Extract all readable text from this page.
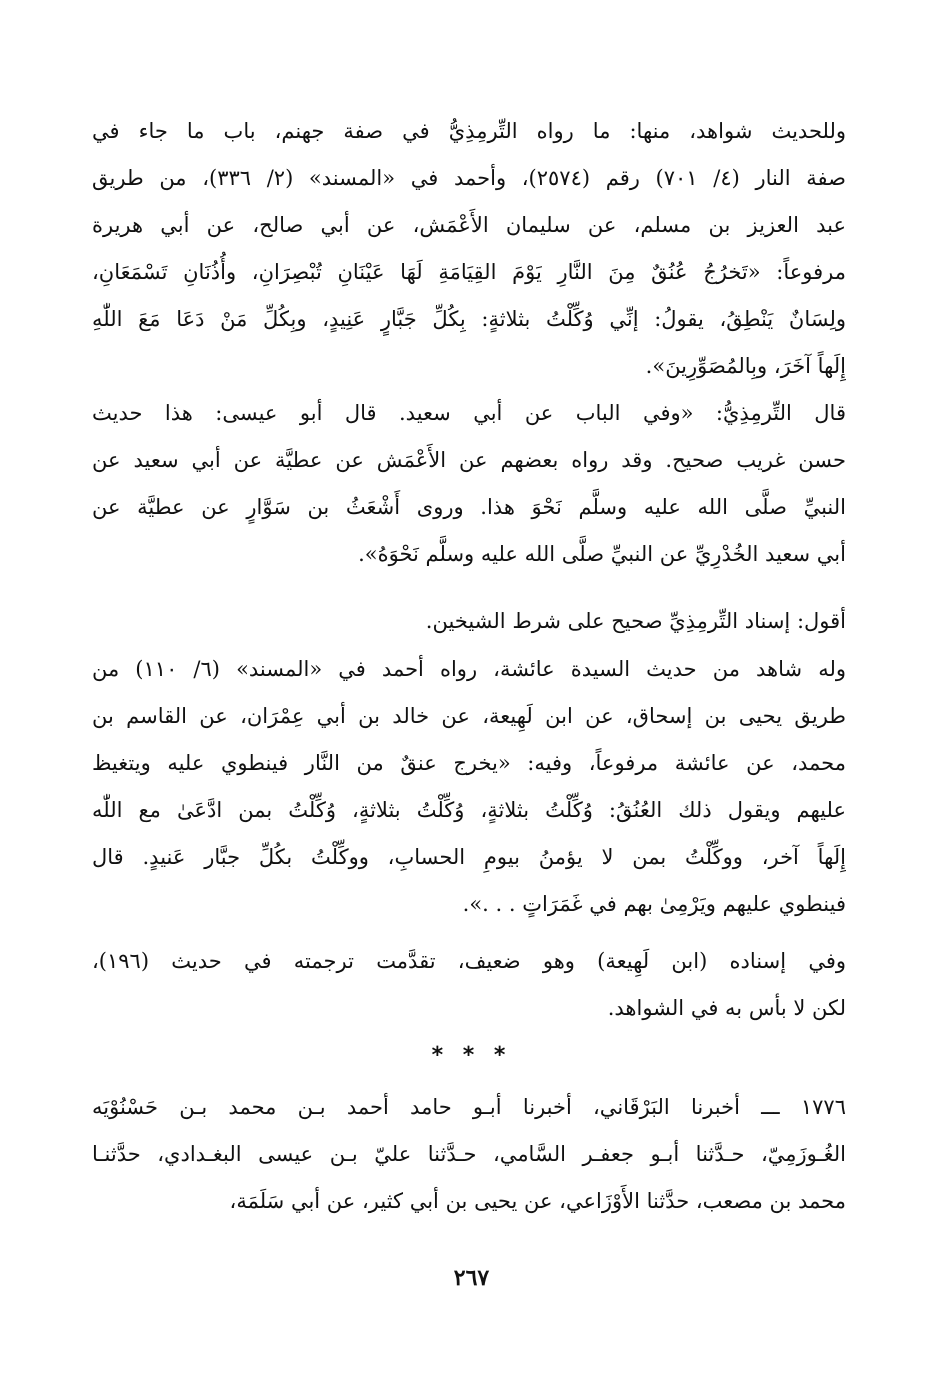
وللحديث شواهد، منها: ما رواه التِّرمِذِيُّ في صفة جهنم، باب ما جاء في
صفة النار (٤/ ٧٠١) رقم (٢٥٧٤)، وأحمد في «المسند» (٢/ ٣٣٦)، من طريق
عبد العزيز بن مسلم، عن سليمان الأَعْمَش، عن أبي صالح، عن أبي هريرة
مرفوعاً: «تَخرُجُ عُنُقٌ مِنَ النَّارِ يَوْمَ القِيَامَةِ لَهَا عَيْنَانِ تُبْصِرَانِ، وأُذُنَانِ تَسْمَعَانِ،
ولِسَانٌ يَنْطِقُ، يقولُ: إنِّي وُكِّلْتُ بثلاثةٍ: بِكُلِّ جَبَّارٍ عَنِيدٍ، وبِكُلِّ مَنْ دَعَا مَعَ اللّٰهِ
إِلَهاً آخَرَ، وبِالمُصَوِّرِينَ».
قال التِّرمِذِيُّ: «وفي الباب عن أبي سعيد. قال أبو عيسى: هذا حديث
حسن غريب صحيح. وقد رواه بعضهم عن الأَعْمَش عن عطيَّة عن أبي سعيد عن
النبيِّ صلَّى الله عليه وسلَّم نَحْوَ هذا. وروى أَشْعَثُ بن سَوَّارٍ عن عطيَّة عن
أبي سعيد الخُدْرِيِّ عن النبيِّ صلَّى الله عليه وسلَّم نَحْوَهُ».
أقول: إسناد التِّرمِذِيِّ صحيح على شرط الشيخين.
وله شاهد من حديث السيدة عائشة، رواه أحمد في «المسند» (٦/ ١١٠) من
طريق يحيى بن إسحاق، عن ابن لَهِيعة، عن خالد بن أبي عِمْرَان، عن القاسم بن
محمد، عن عائشة مرفوعاً، وفيه: «يخرج عنقٌ من النَّار فينطوي عليه ويتغيظ
عليهم ويقول ذلك العُنُقُ: وُكِّلْتُ بثلاثةٍ، وُكِّلْتُ بثلاثةٍ، وُكِّلْتُ بمن ادَّعَىٰ مع اللّٰه
إِلَهاً آخر، ووكِّلْتُ بمن لا يؤمنُ بيومِ الحسابِ، ووكِّلْتُ بكُلِّ جبَّار عَنيدٍ. قال
فينطوي عليهم ويَرْمِىٰ بهم في غَمَرَاتٍ . . .».
وفي إسناده (ابن لَهِيعة) وهو ضعيف، تقدَّمت ترجمته في حديث (١٩٦)،
لكن لا بأس به في الشواهد.
* * *
١٧٧٦ ـــ أخبرنا البَرْقَاني، أخبرنا أبـو حامد أحمد بـن محمد بـن حَسْنُوْيَه
الغُـوزَمِيّ، حـدَّثنا أبـو جعفـر السَّامي، حـدَّثنا عليّ بـن عيسى البغـدادي، حدَّثنـا
محمد بن مصعب، حدَّثنا الأَوْزَاعي، عن يحيى بن أبي كثير، عن أبي سَلَمَة،
٢٦٧
